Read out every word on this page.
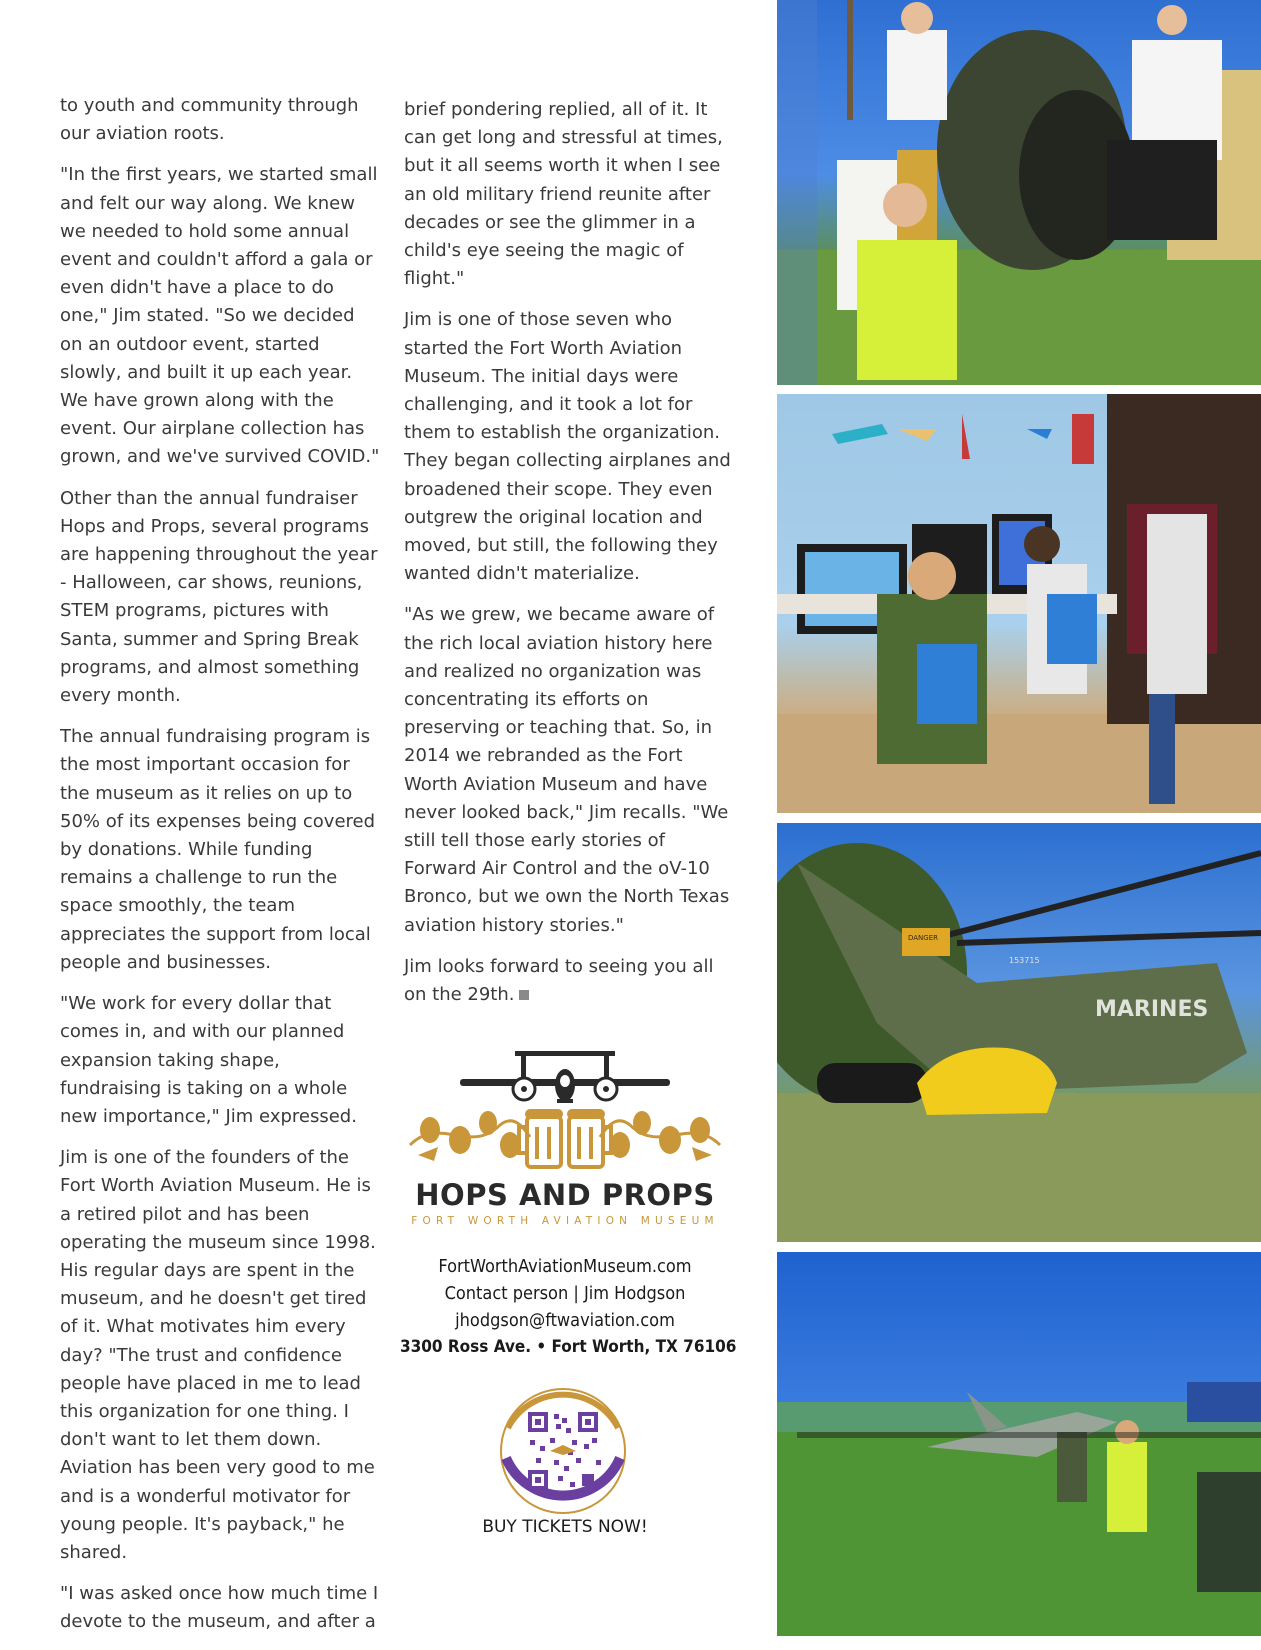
to youth and community through our aviation roots.

"In the first years, we started small and felt our way along. We knew we needed to hold some annual event and couldn't afford a gala or even didn't have a place to do one," Jim stated. "So we decided on an outdoor event, started slowly, and built it up each year. We have grown along with the event. Our airplane collection has grown, and we've survived COVID."

Other than the annual fundraiser Hops and Props, several programs are happening throughout the year - Halloween, car shows, reunions, STEM programs, pictures with Santa, summer and Spring Break programs, and almost something every month.

The annual fundraising program is the most important occasion for the museum as it relies on up to 50% of its expenses being covered by donations. While funding remains a challenge to run the space smoothly, the team appreciates the support from local people and businesses.

"We work for every dollar that comes in, and with our planned expansion taking shape, fundraising is taking on a whole new importance," Jim expressed.

Jim is one of the founders of the Fort Worth Aviation Museum. He is a retired pilot and has been operating the museum since 1998. His regular days are spent in the museum, and he doesn't get tired of it. What motivates him every day? "The trust and confidence people have placed in me to lead this organization for one thing. I don't want to let them down. Aviation has been very good to me and is a wonderful motivator for young people. It's payback," he shared.

"I was asked once how much time I devote to the museum, and after a

brief pondering replied, all of it. It can get long and stressful at times, but it all seems worth it when I see an old military friend reunite after decades or see the glimmer in a child's eye seeing the magic of flight."

Jim is one of those seven who started the Fort Worth Aviation Museum. The initial days were challenging, and it took a lot for them to establish the organization. They began collecting airplanes and broadened their scope. They even outgrew the original location and moved, but still, the following they wanted didn't materialize.

"As we grew, we became aware of the rich local aviation history here and realized no organization was concentrating its efforts on preserving or teaching that. So, in 2014 we rebranded as the Fort Worth Aviation Museum and have never looked back," Jim recalls. "We still tell those early stories of Forward Air Control and the oV-10 Bronco, but we own the North Texas aviation history stories."

Jim looks forward to seeing you all on the 29th.

HOPS AND PROPS
FORT WORTH AVIATION MUSEUM
FortWorthAviationMuseum.com
Contact person | Jim Hodgson
jhodgson@ftwaviation.com
3300 Ross Ave. • Fort Worth, TX 76106
BUY TICKETS NOW!
MARINES
153715
DANGER
